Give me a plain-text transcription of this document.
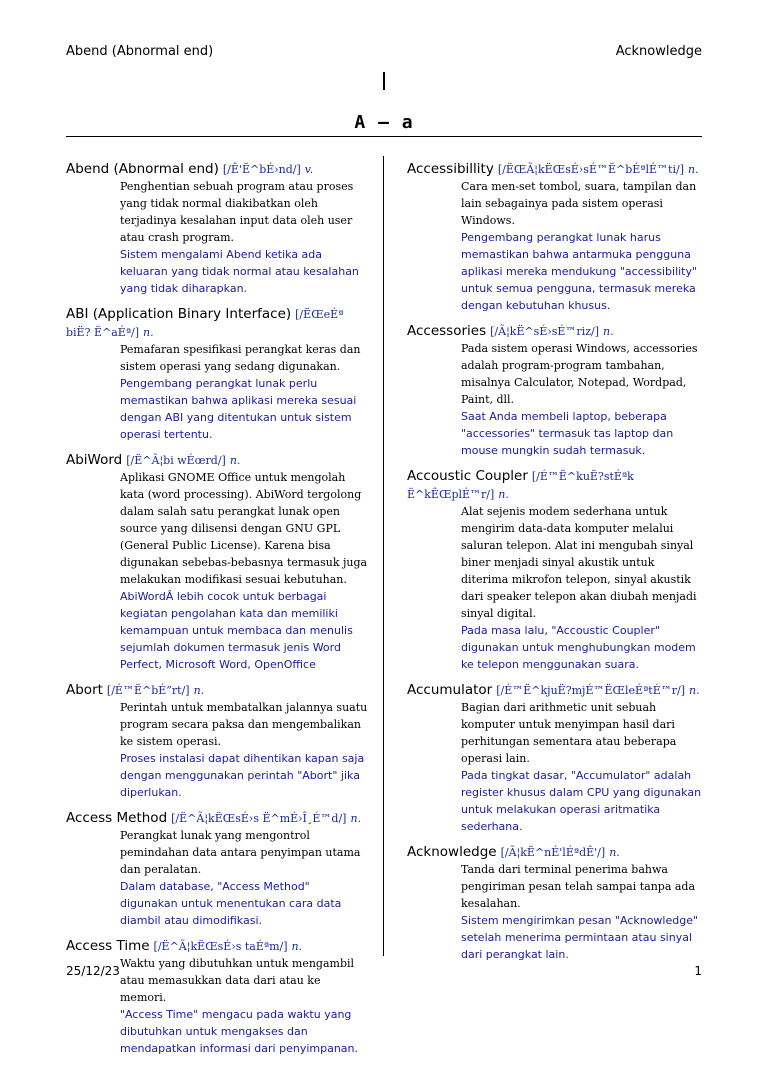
Abend (Abnormal end)	Acknowledge
A – a
Abend (Abnormal end) [/Ê'Ë^bÉ›nd/] v.
Penghentian sebuah program atau proses yang tidak normal diakibatkan oleh terjadinya kesalahan input data oleh user atau crash program.
Sistem mengalami Abend ketika ada keluaran yang tidak normal atau kesalahan yang tidak diharapkan.
ABI (Application Binary Interface) [/ËŒeÉª biË? Ë^aÉª/] n.
Pemafaran spesifikasi perangkat keras dan sistem operasi yang sedang digunakan.
Pengembang perangkat lunak perlu memastikan bahwa aplikasi mereka sesuai dengan ABI yang ditentukan untuk sistem operasi tertentu.
AbiWord [/Ë^Ã¦bi wÉœrd/] n.
Aplikasi GNOME Office untuk mengolah kata (word processing). AbiWord tergolong dalam salah satu perangkat lunak open source yang dilisensi dengan GNU GPL (General Public License). Karena bisa digunakan sebebas-bebasnya termasuk juga melakukan modifikasi sesuai kebutuhan.
AbiWordÂ lebih cocok untuk berbagai kegiatan pengolahan kata dan memiliki kemampuan untuk membaca dan menulis sejumlah dokumen termasuk jenis Word Perfect, Microsoft Word, OpenOffice
Abort [/É™Ë^bÉ”rt/] n.
Perintah untuk membatalkan jalannya suatu program secara paksa dan mengembalikan ke sistem operasi.
Proses instalasi dapat dihentikan kapan saja dengan menggunakan perintah "Abort" jika diperlukan.
Access Method [/Ë^Ã¦kËŒsÉ›s Ë^mÉ›Î¸É™d/] n.
Perangkat lunak yang mengontrol pemindahan data antara penyimpan utama dan peralatan.
Dalam database, "Access Method" digunakan untuk menentukan cara data diambil atau dimodifikasi.
Access Time [/Ë^Ã¦kËŒsÉ›s taÉªm/] n.
Waktu yang dibutuhkan untuk mengambil atau memasukkan data dari atau ke memori.
"Access Time" mengacu pada waktu yang dibutuhkan untuk mengakses dan mendapatkan informasi dari penyimpanan.
Accessibillity [/ËŒÃ¦kËŒsÉ›sÉ™Ë^bÉªlÉ™ti/] n.
Cara men-set tombol, suara, tampilan dan lain sebagainya pada sistem operasi Windows.
Pengembang perangkat lunak harus memastikan bahwa antarmuka pengguna aplikasi mereka mendukung "accessibility" untuk semua pengguna, termasuk mereka dengan kebutuhan khusus.
Accessories [/Ã¦kË^sÉ›sÉ™riz/] n.
Pada sistem operasi Windows, accessories adalah program-program tambahan, misalnya Calculator, Notepad, Wordpad, Paint, dll.
Saat Anda membeli laptop, beberapa "accessories" termasuk tas laptop dan mouse mungkin sudah termasuk.
Accoustic Coupler [/É™Ë^kuË?stÉªk Ë^kÊŒplÉ™r/] n.
Alat sejenis modem sederhana untuk mengirim data-data komputer melalui saluran telepon. Alat ini mengubah sinyal biner menjadi sinyal akustik untuk diterima mikrofon telepon, sinyal akustik dari speaker telepon akan diubah menjadi sinyal digital.
Pada masa lalu, "Accoustic Coupler" digunakan untuk menghubungkan modem ke telepon menggunakan suara.
Accumulator [/É™Ë^kjuË?mjÉ™ËŒleÉªtÉ™r/] n.
Bagian dari arithmetic unit sebuah komputer untuk menyimpan hasil dari perhitungan sementara atau beberapa operasi lain.
Pada tingkat dasar, "Accumulator" adalah register khusus dalam CPU yang digunakan untuk melakukan operasi aritmatika sederhana.
Acknowledge [/Ã¦kË^nÉ'lÉªdÊ'/] n.
Tanda dari terminal penerima bahwa pengiriman pesan telah sampai tanpa ada kesalahan.
Sistem mengirimkan pesan "Acknowledge" setelah menerima permintaan atau sinyal dari perangkat lain.
25/12/23	1
